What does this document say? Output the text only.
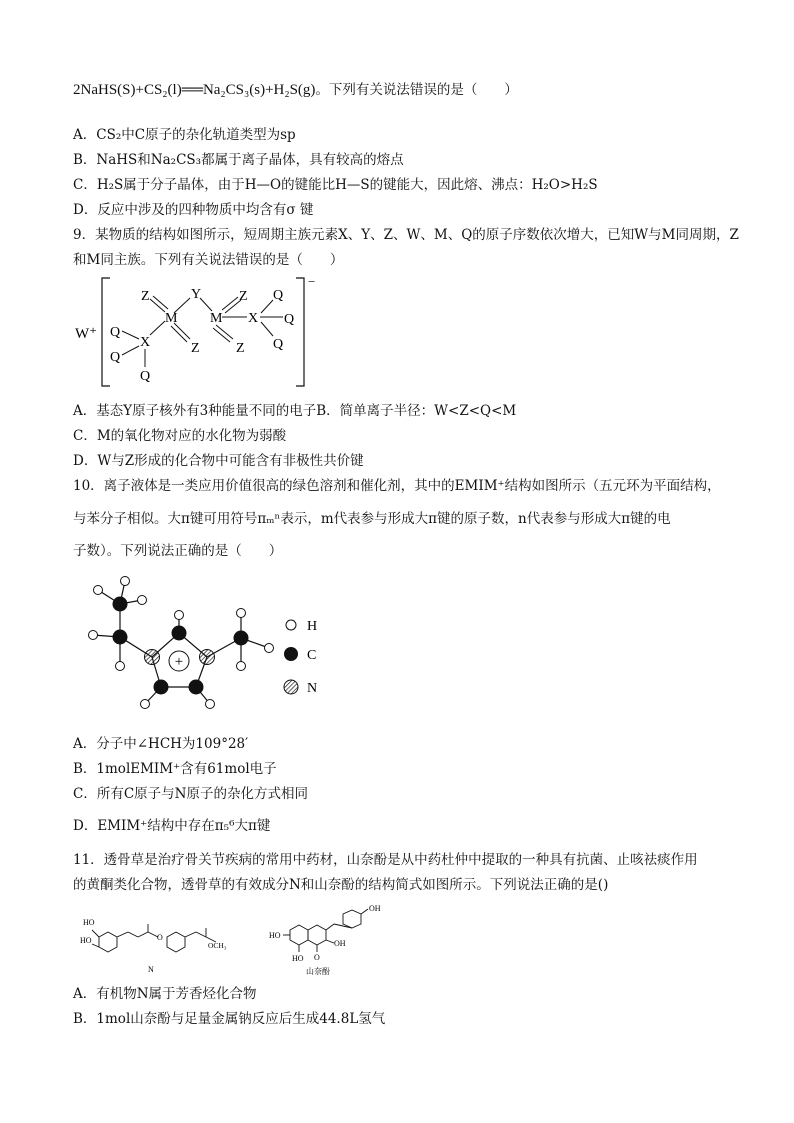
2NaHS(S)+CS₂(l)══Na₂CS₃(s)+H₂S(g)。下列有关说法错误的是（　　）
A．CS₂中C原子的杂化轨道类型为sp
B．NaHS和Na₂CS₃都属于离子晶体，具有较高的熔点
C．H₂S属于分子晶体，由于H—O的键能比H—S的键能大，因此熔、沸点：H₂O>H₂S
D．反应中涉及的四种物质中均含有σ 键
9．某物质的结构如图所示，短周期主族元素X、Y、Z、W、M、Q的原子序数依次增大，已知W与M同周期，Z
和M同主族。下列有关说法错误的是（　　）
W⁺
−
Z	Y	Z Q
M M X Q
Q
X	Z	Z Q
Q
Q
A．基态Y原子核外有3种能量不同的电子B．简单离子半径：W<Z<Q<M
C．M的氧化物对应的水化物为弱酸
D．W与Z形成的化合物中可能含有非极性共价键
10．离子液体是一类应用价值很高的绿色溶剂和催化剂，其中的EMIM⁺结构如图所示（五元环为平面结构，
与苯分子相似。大π键可用符号πₘⁿ表示，m代表参与形成大π键的原子数，n代表参与形成大π键的电
子数）。下列说法正确的是（　　）
+
H
C
N
A．分子中∠HCH为109°28′
B．1molEMIM⁺含有61mol电子
C．所有C原子与N原子的杂化方式相同
D．EMIM⁺结构中存在π₅⁶大π键
11．透骨草是治疗骨关节疾病的常用中药材，山奈酚是从中药杜仲中提取的一种具有抗菌、止咳祛痰作用
的黄酮类化合物，透骨草的有效成分N和山奈酚的结构简式如图所示。下列说法正确的是()
HO
HO	O
OCH₃
N
OH
HO
OH
HO O
山奈酚
A．有机物N属于芳香烃化合物
B．1mol山奈酚与足量金属钠反应后生成44.8L氢气
